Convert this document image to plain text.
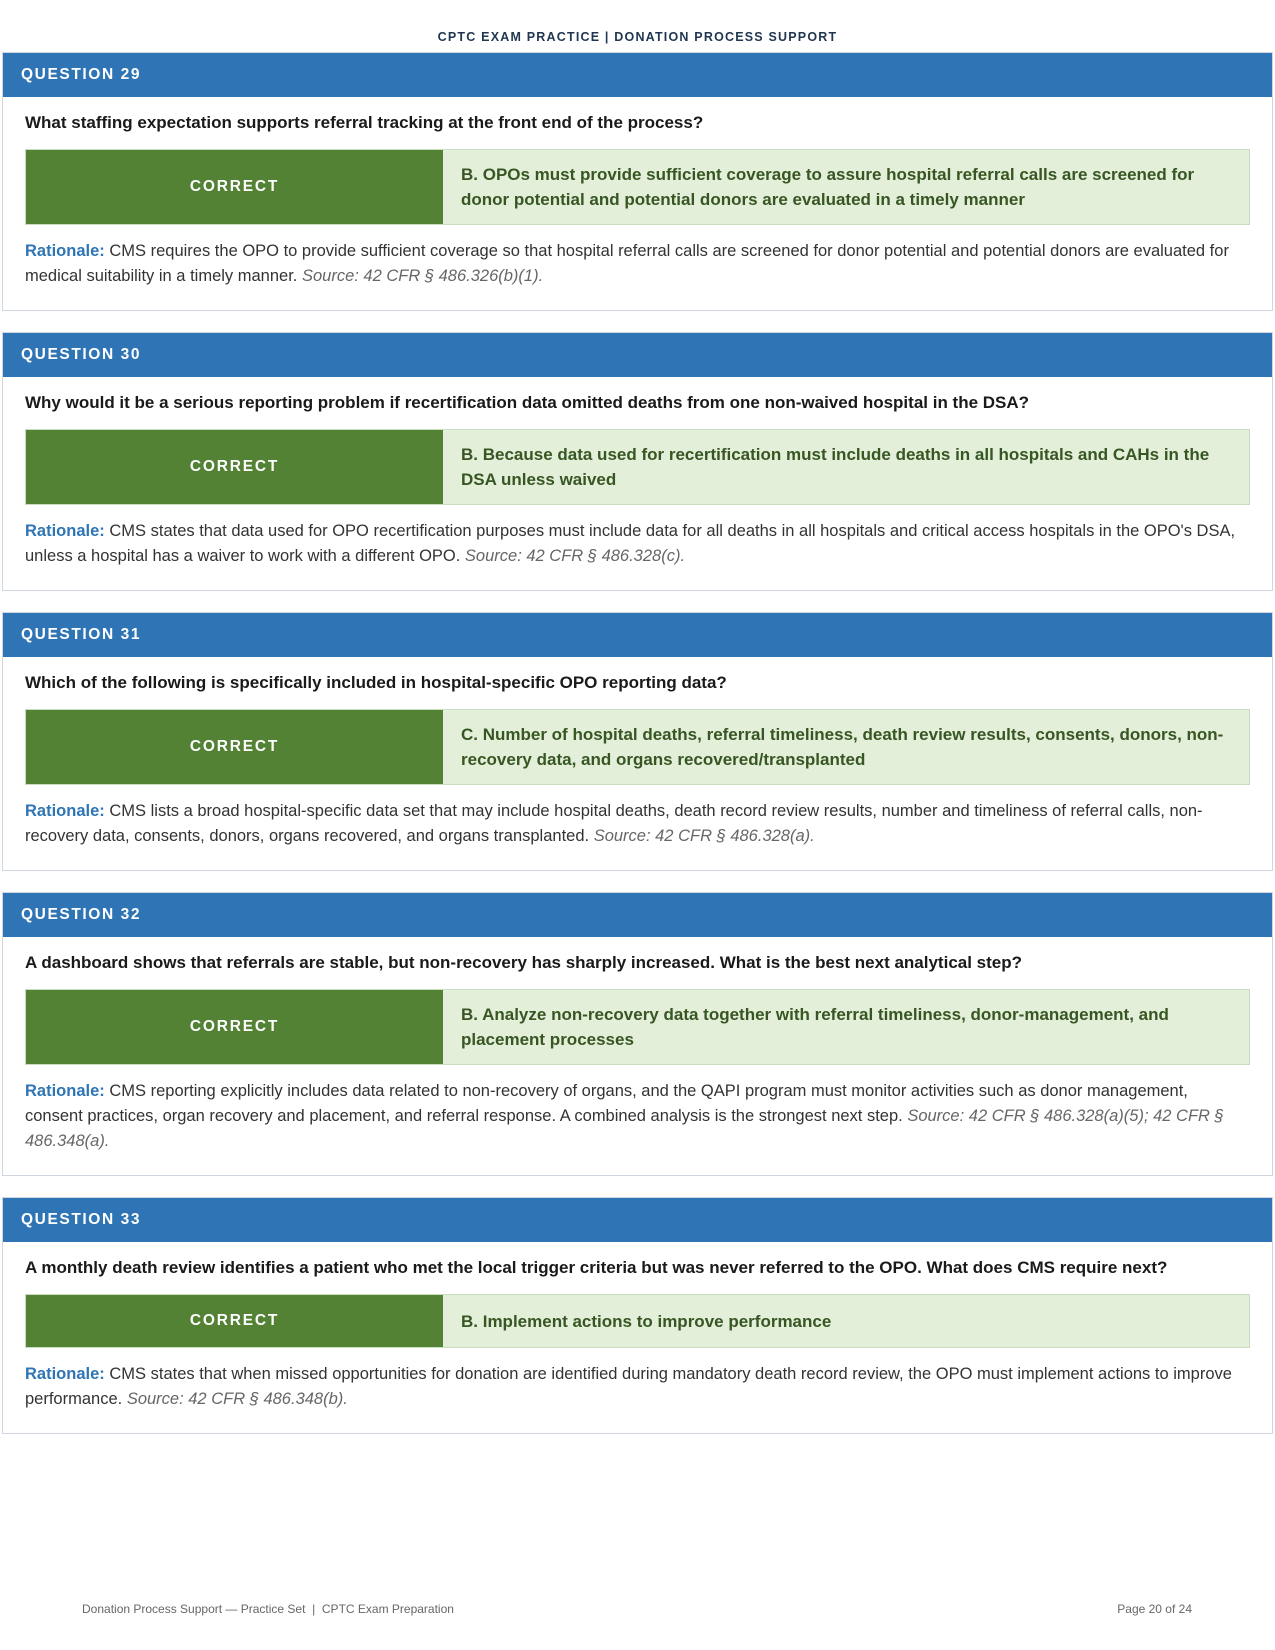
CPTC EXAM PRACTICE | DONATION PROCESS SUPPORT
QUESTION 29

What staffing expectation supports referral tracking at the front end of the process?

CORRECT
B. OPOs must provide sufficient coverage to assure hospital referral calls are screened for donor potential and potential donors are evaluated in a timely manner

Rationale: CMS requires the OPO to provide sufficient coverage so that hospital referral calls are screened for donor potential and potential donors are evaluated for medical suitability in a timely manner. Source: 42 CFR § 486.326(b)(1).

QUESTION 30

Why would it be a serious reporting problem if recertification data omitted deaths from one non-waived hospital in the DSA?

CORRECT
B. Because data used for recertification must include deaths in all hospitals and CAHs in the DSA unless waived

Rationale: CMS states that data used for OPO recertification purposes must include data for all deaths in all hospitals and critical access hospitals in the OPO's DSA, unless a hospital has a waiver to work with a different OPO. Source: 42 CFR § 486.328(c).

QUESTION 31

Which of the following is specifically included in hospital-specific OPO reporting data?

CORRECT
C. Number of hospital deaths, referral timeliness, death review results, consents, donors, non-recovery data, and organs recovered/transplanted

Rationale: CMS lists a broad hospital-specific data set that may include hospital deaths, death record review results, number and timeliness of referral calls, non-recovery data, consents, donors, organs recovered, and organs transplanted. Source: 42 CFR § 486.328(a).

QUESTION 32

A dashboard shows that referrals are stable, but non-recovery has sharply increased. What is the best next analytical step?

CORRECT
B. Analyze non-recovery data together with referral timeliness, donor-management, and placement processes

Rationale: CMS reporting explicitly includes data related to non-recovery of organs, and the QAPI program must monitor activities such as donor management, consent practices, organ recovery and placement, and referral response. A combined analysis is the strongest next step. Source: 42 CFR § 486.328(a)(5); 42 CFR § 486.348(a).

QUESTION 33

A monthly death review identifies a patient who met the local trigger criteria but was never referred to the OPO. What does CMS require next?

CORRECT	B. Implement actions to improve performance

Rationale: CMS states that when missed opportunities for donation are identified during mandatory death record review, the OPO must implement actions to improve performance. Source: 42 CFR § 486.348(b).

Donation Process Support — Practice Set  |  CPTC Exam Preparation	Page 20 of 24
